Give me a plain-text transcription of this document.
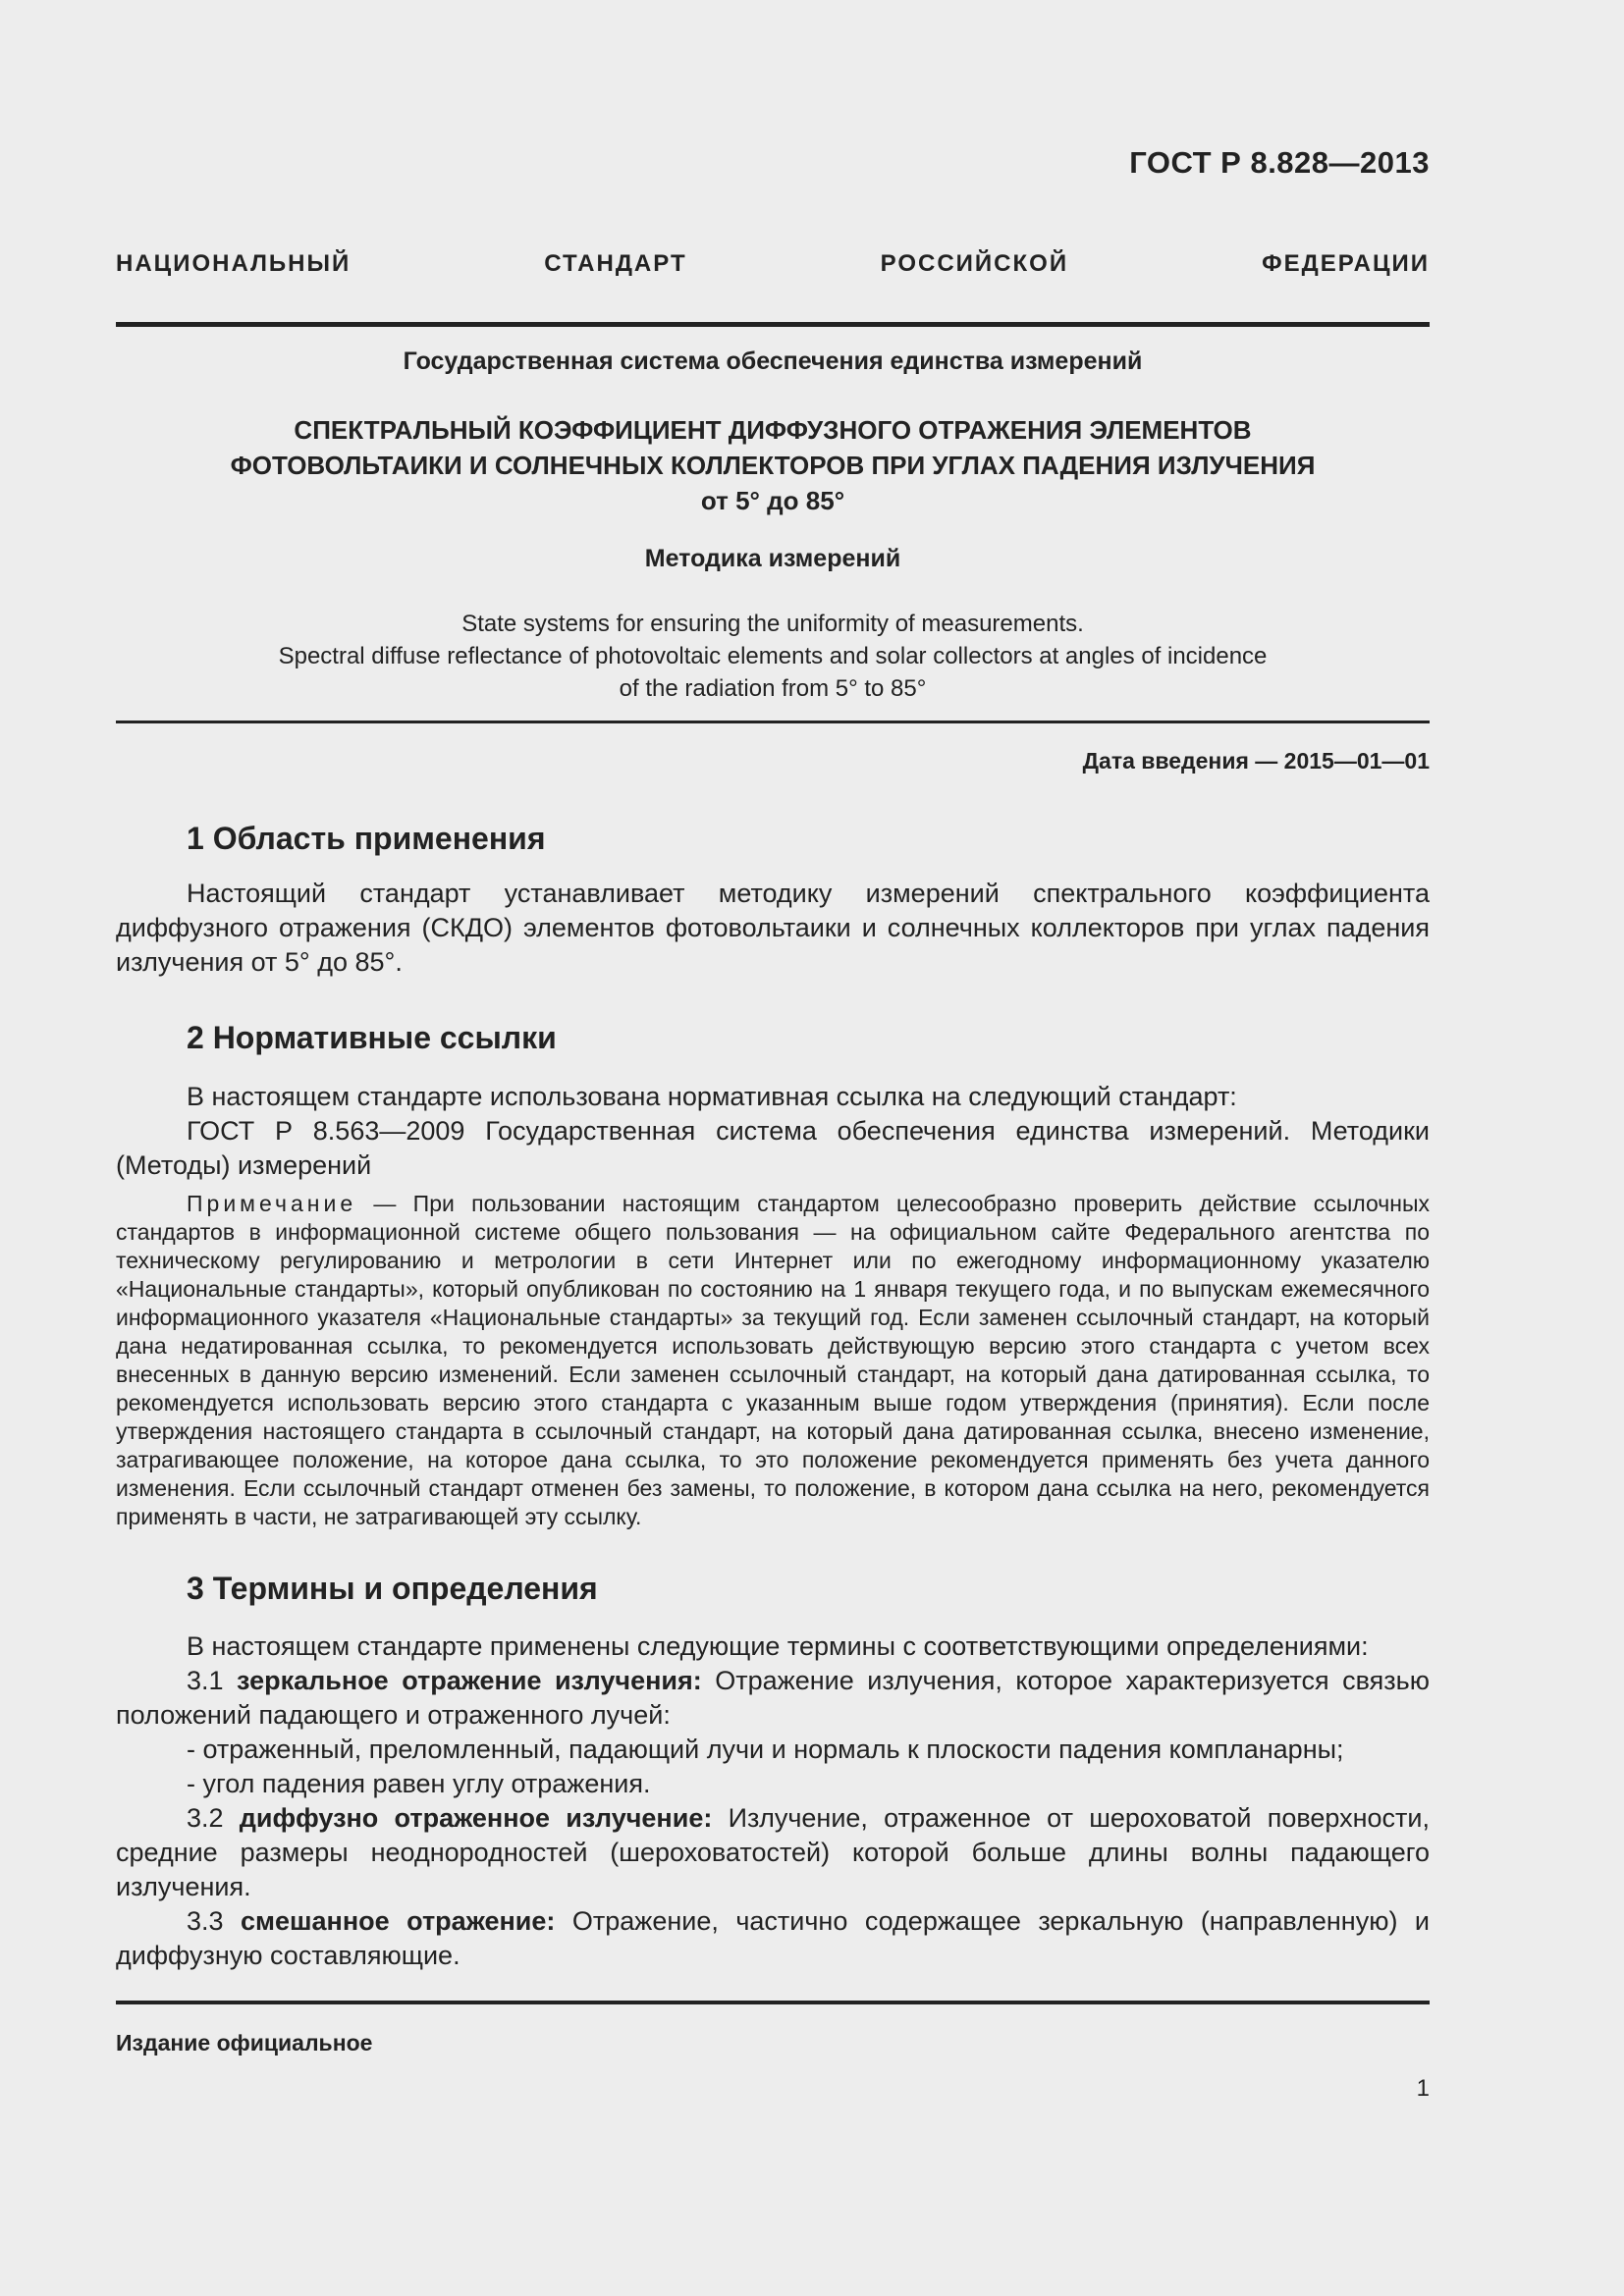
ГОСТ Р 8.828—2013
НАЦИОНАЛЬНЫЙ СТАНДАРТ РОССИЙСКОЙ ФЕДЕРАЦИИ
Государственная система обеспечения единства измерений
СПЕКТРАЛЬНЫЙ КОЭФФИЦИЕНТ ДИФФУЗНОГО ОТРАЖЕНИЯ ЭЛЕМЕНТОВ
ФОТОВОЛЬТАИКИ И СОЛНЕЧНЫХ КОЛЛЕКТОРОВ ПРИ УГЛАХ ПАДЕНИЯ ИЗЛУЧЕНИЯ
от 5° до 85°
Методика измерений
State systems for ensuring the uniformity of measurements.
Spectral diffuse reflectance of photovoltaic elements and solar collectors at angles of incidence
of the radiation from 5° to 85°
Дата введения — 2015—01—01
1 Область применения
Настоящий стандарт устанавливает методику измерений спектрального коэффициента диффузного отражения (СКДО) элементов фотовольтаики и солнечных коллекторов при углах падения излучения от 5° до 85°.
2 Нормативные ссылки
В настоящем стандарте использована нормативная ссылка на следующий стандарт:
ГОСТ Р 8.563—2009 Государственная система обеспечения единства измерений. Методики (Методы) измерений
Примечание — При пользовании настоящим стандартом целесообразно проверить действие ссылочных стандартов в информационной системе общего пользования — на официальном сайте Федерального агентства по техническому регулированию и метрологии в сети Интернет или по ежегодному информационному указателю «Национальные стандарты», который опубликован по состоянию на 1 января текущего года, и по выпускам ежемесячного информационного указателя «Национальные стандарты» за текущий год. Если заменен ссылочный стандарт, на который дана недатированная ссылка, то рекомендуется использовать действующую версию этого стандарта с учетом всех внесенных в данную версию изменений. Если заменен ссылочный стандарт, на который дана датированная ссылка, то рекомендуется использовать версию этого стандарта с указанным выше годом утверждения (принятия). Если после утверждения настоящего стандарта в ссылочный стандарт, на который дана датированная ссылка, внесено изменение, затрагивающее положение, на которое дана ссылка, то это положение рекомендуется применять без учета данного изменения. Если ссылочный стандарт отменен без замены, то положение, в котором дана ссылка на него, рекомендуется применять в части, не затрагивающей эту ссылку.
3 Термины и определения
В настоящем стандарте применены следующие термины с соответствующими определениями:
3.1 зеркальное отражение излучения: Отражение излучения, которое характеризуется связью положений падающего и отраженного лучей:
- отраженный, преломленный, падающий лучи и нормаль к плоскости падения компланарны;
- угол падения равен углу отражения.
3.2 диффузно отраженное излучение: Излучение, отраженное от шероховатой поверхности, средние размеры неоднородностей (шероховатостей) которой больше длины волны падающего излучения.
3.3 смешанное отражение: Отражение, частично содержащее зеркальную (направленную) и диффузную составляющие.
Издание официальное
1
